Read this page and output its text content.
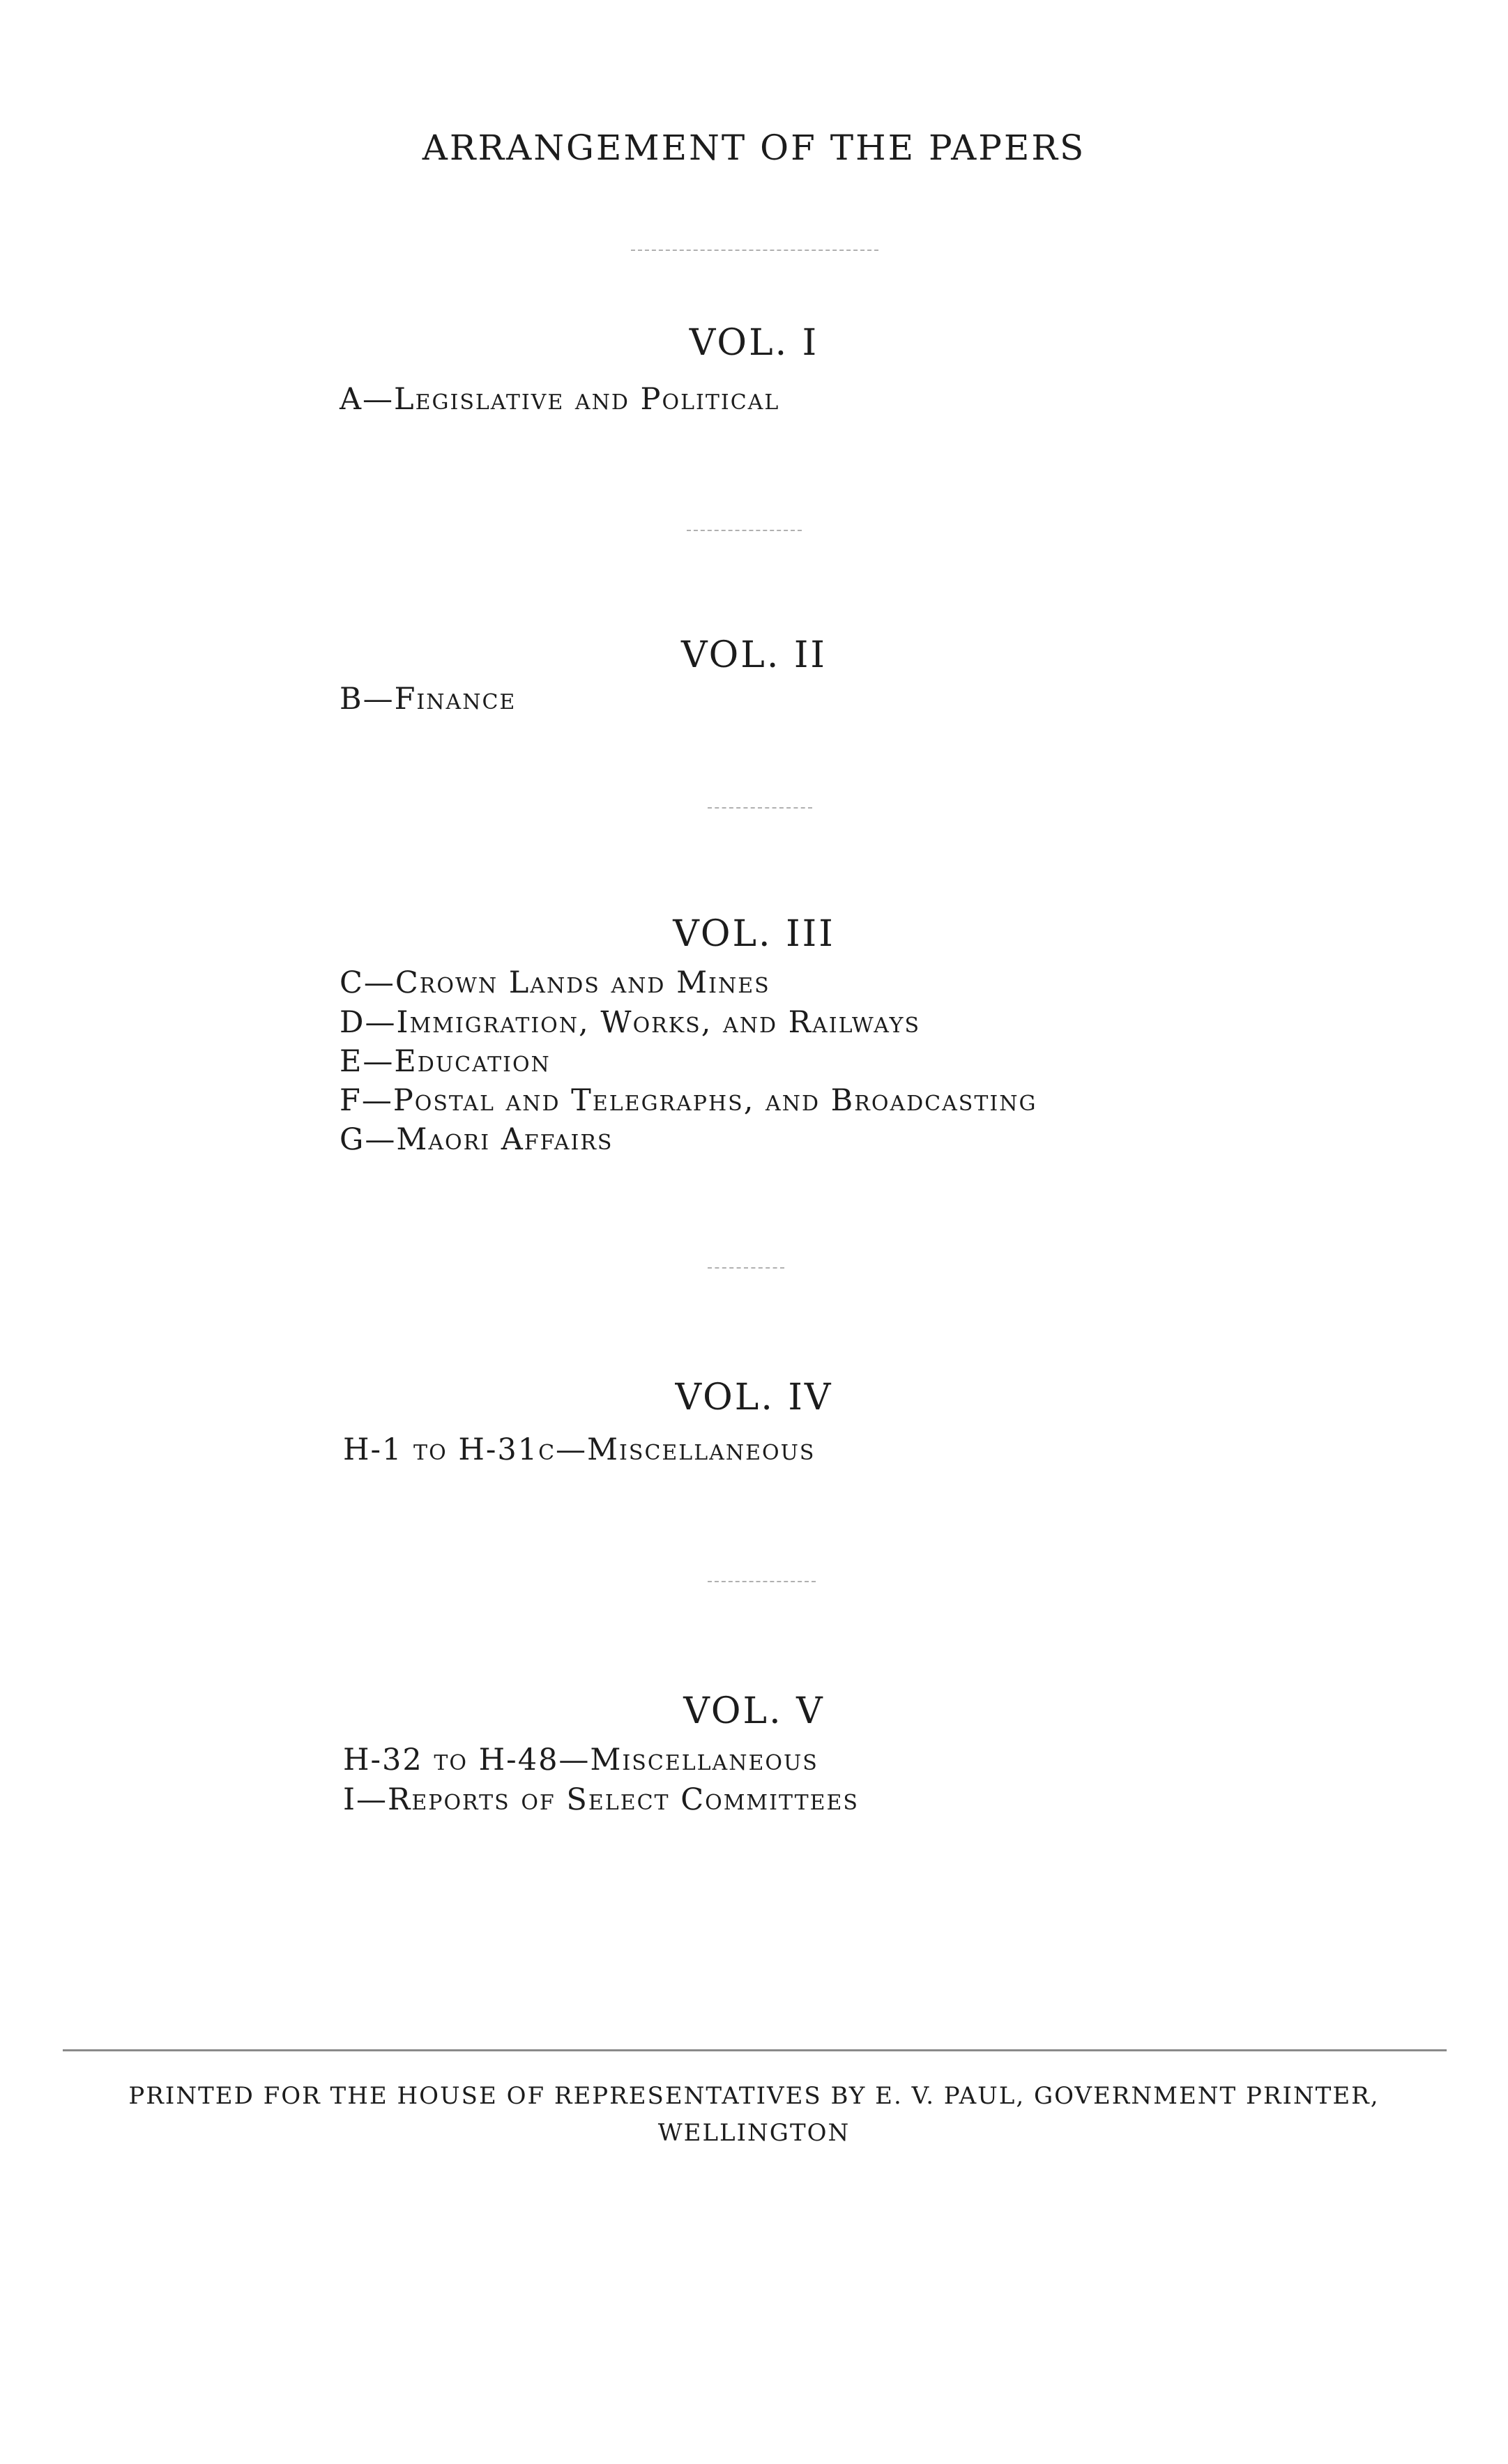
ARRANGEMENT OF THE PAPERS
VOL. I
A—Legislative and Political
VOL. II
B—Finance
VOL. III
C—Crown Lands and Mines
D—Immigration, Works, and Railways
E—Education
F—Postal and Telegraphs, and Broadcasting
G—Maori Affairs
VOL. IV
H-1 to H-31c—Miscellaneous
VOL. V
H-32 to H-48—Miscellaneous
I—Reports of Select Committees
PRINTED FOR THE HOUSE OF REPRESENTATIVES BY E. V. PAUL, GOVERNMENT PRINTER,
WELLINGTON
